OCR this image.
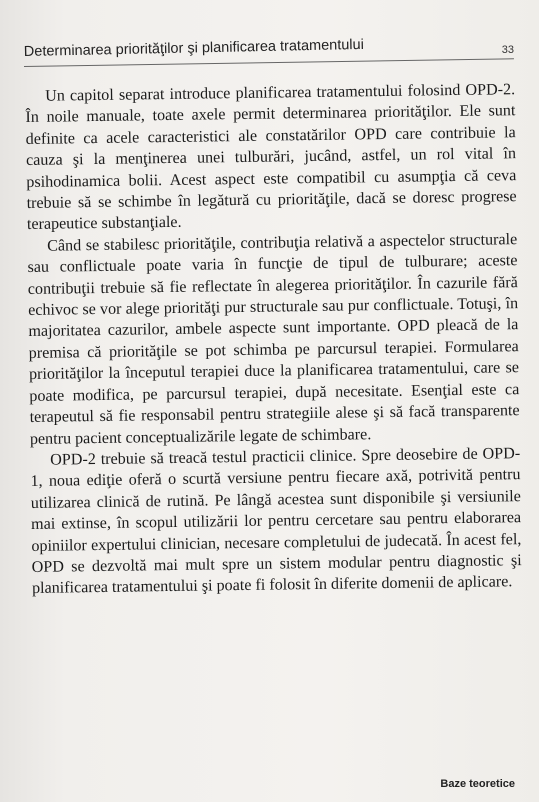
Determinarea priorităţilor şi planificarea tratamentului	33

Un capitol separat introduce planificarea tratamentului folosind OPD-2. În noile manuale, toate axele permit determinarea priorităţilor. Ele sunt definite ca acele caracteristici ale constatărilor OPD care contribuie la cauza şi la menţinerea unei tulburări, jucând, astfel, un rol vital în psihodinamica bolii. Acest aspect este compatibil cu asumpţia că ceva trebuie să se schimbe în legătură cu priorităţile, dacă se doresc progrese terapeutice substanţiale.

Când se stabilesc priorităţile, contribuţia relativă a aspectelor structurale sau conflictuale poate varia în funcţie de tipul de tulburare; aceste contribuţii trebuie să fie reflectate în alegerea priorităţilor. În cazurile fără echivoc se vor alege priorităţi pur structurale sau pur conflictuale. Totuşi, în majoritatea cazurilor, ambele aspecte sunt importante. OPD pleacă de la premisa că priorităţile se pot schimba pe parcursul terapiei. Formularea priorităţilor la începutul terapiei duce la planificarea tratamentului, care se poate modifica, pe parcursul terapiei, după necesitate. Esenţial este ca terapeutul să fie responsabil pentru strategiile alese şi să facă transparente pentru pacient conceptualizările legate de schimbare.

OPD-2 trebuie să treacă testul practicii clinice. Spre deosebire de OPD-1, noua ediţie oferă o scurtă versiune pentru fiecare axă, potrivită pentru utilizarea clinică de rutină. Pe lângă acestea sunt disponibile şi versiunile mai extinse, în scopul utilizării lor pentru cercetare sau pentru elaborarea opiniilor expertului clinician, necesare completului de judecată. În acest fel, OPD se dezvoltă mai mult spre un sistem modular pentru diagnostic şi planificarea tratamentului şi poate fi folosit în diferite domenii de aplicare.

Baze teoretice
